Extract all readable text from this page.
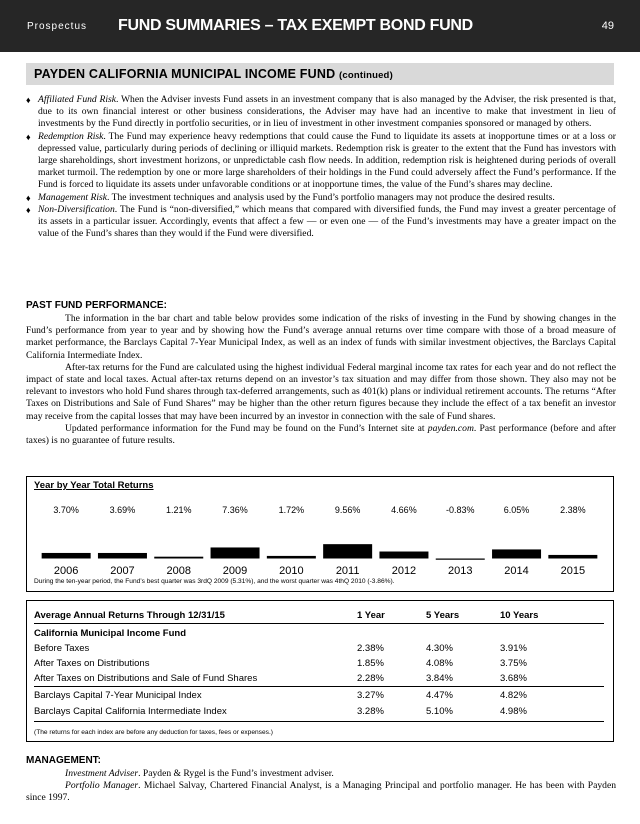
Prospectus FUND SUMMARIES – TAX EXEMPT BOND FUND	49
PAYDEN CALIFORNIA MUNICIPAL INCOME FUND (continued)
♦ Affiliated Fund Risk. When the Adviser invests Fund assets in an investment company that is also managed by the Adviser, the risk presented is that, due to its own financial interest or other business considerations, the Adviser may have had an incentive to make that investment in lieu of investments by the Fund directly in portfolio securities, or in lieu of investment in other investment companies sponsored or managed by others.
♦ Redemption Risk. The Fund may experience heavy redemptions that could cause the Fund to liquidate its assets at inopportune times or at a loss or depressed value, particularly during periods of declining or illiquid markets. Redemption risk is greater to the extent that the Fund has investors with large shareholdings, short investment horizons, or unpredictable cash flow needs. In addition, redemption risk is heightened during periods of overall market turmoil. The redemption by one or more large shareholders of their holdings in the Fund could adversely affect the Fund’s performance. If the Fund is forced to liquidate its assets under unfavorable conditions or at inopportune times, the value of the Fund’s shares may decline.
♦ Management Risk. The investment techniques and analysis used by the Fund’s portfolio managers may not produce the desired results.
♦ Non-Diversification. The Fund is “non-diversified,” which means that compared with diversified funds, the Fund may invest a greater percentage of its assets in a particular issuer. Accordingly, events that affect a few — or even one — of the Fund’s investments may have a greater impact on the value of the Fund’s shares than they would if the Fund were diversified.
PAST FUND PERFORMANCE:

The information in the bar chart and table below provides some indication of the risks of investing in the Fund by showing changes in the Fund’s performance from year to year and by showing how the Fund’s average annual returns over time compare with those of a broad measure of market performance, the Barclays Capital 7-Year Municipal Index, as well as an index of funds with similar investment objectives, the Barclays Capital California Intermediate Index.

After-tax returns for the Fund are calculated using the highest individual Federal marginal income tax rates for each year and do not reflect the impact of state and local taxes. Actual after-tax returns depend on an investor’s tax situation and may differ from those shown. They also may not be relevant to investors who hold Fund shares through tax-deferred arrangements, such as 401(k) plans or individual retirement accounts. The returns “After Taxes on Distributions and Sale of Fund Shares” may be higher than the other return figures because they include the effect of a tax benefit an investor may receive from the capital losses that may have been incurred by an investor in connection with the sale of Fund shares.

Updated performance information for the Fund may be found on the Fund’s Internet site at payden.com. Past performance (before and after taxes) is no guarantee of future results.

Year by Year Total Returns
3.70%
2006
3.69%
2007
1.21%
2008
7.36%
2009
1.72%
2010
9.56%
2011
4.66%
2012
-0.83%
2013
6.05%
2014
2.38%
2015
During the ten-year period, the Fund’s best quarter was 3rdQ 2009 (5.31%), and the worst quarter was 4thQ 2010 (-3.86%).
Average Annual Returns Through 12/31/15	1 Year	5 Years	10 Years
California Municipal Income Fund
Before Taxes	2.38%	4.30%	3.91%
After Taxes on Distributions	1.85%	4.08%	3.75%
After Taxes on Distributions and Sale of Fund Shares	2.28%	3.84%	3.68%
Barclays Capital 7-Year Municipal Index	3.27%	4.47%	4.82%
Barclays Capital California Intermediate Index	3.28%	5.10%	4.98%
(The returns for each index are before any deduction for taxes, fees or expenses.)
MANAGEMENT:

Investment Adviser. Payden & Rygel is the Fund’s investment adviser.

Portfolio Manager. Michael Salvay, Chartered Financial Analyst, is a Managing Principal and portfolio manager. He has been with Payden since 1997.
